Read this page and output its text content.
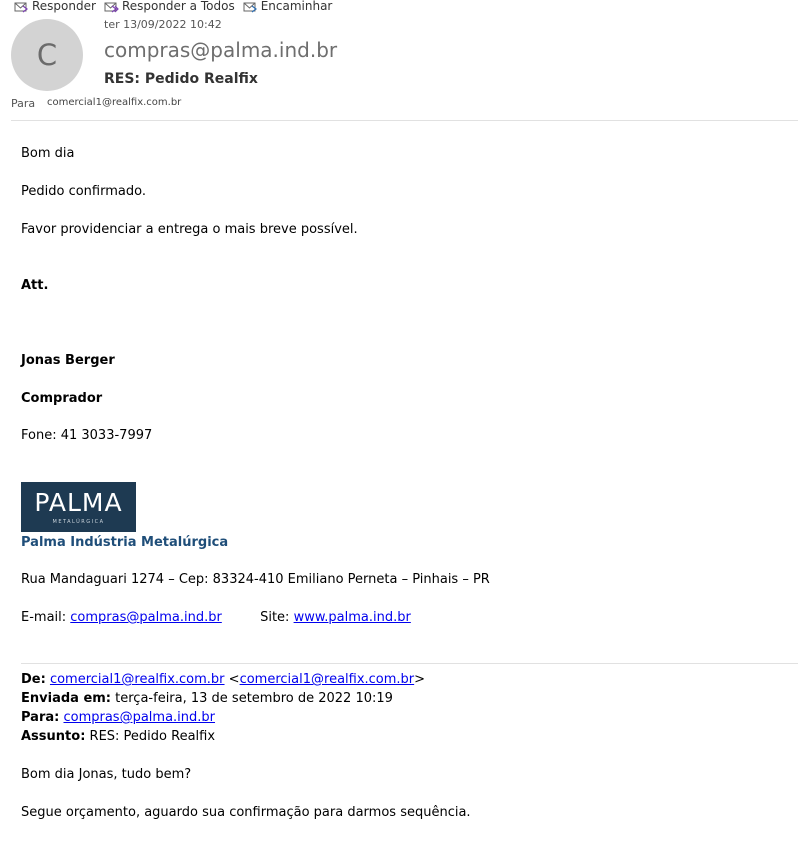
Responder Responder a Todos Encaminhar
C
ter 13/09/2022 10:42
compras@palma.ind.br
RES: Pedido Realfix
Para comercial1@realfix.com.br
Bom dia
Pedido confirmado.
Favor providenciar a entrega o mais breve possível.
Att.
Jonas Berger
Comprador
Fone: 41 3033-7997
PALMA
METALÚRGICA
Palma Indústria Metalúrgica
Rua Mandaguari 1274 – Cep: 83324-410 Emiliano Perneta – Pinhais – PR
E-mail: compras@palma.ind.br	Site: www.palma.ind.br
De: comercial1@realfix.com.br <comercial1@realfix.com.br>
Enviada em: terça-feira, 13 de setembro de 2022 10:19
Para: compras@palma.ind.br
Assunto: RES: Pedido Realfix
Bom dia Jonas, tudo bem?
Segue orçamento, aguardo sua confirmação para darmos sequência.
